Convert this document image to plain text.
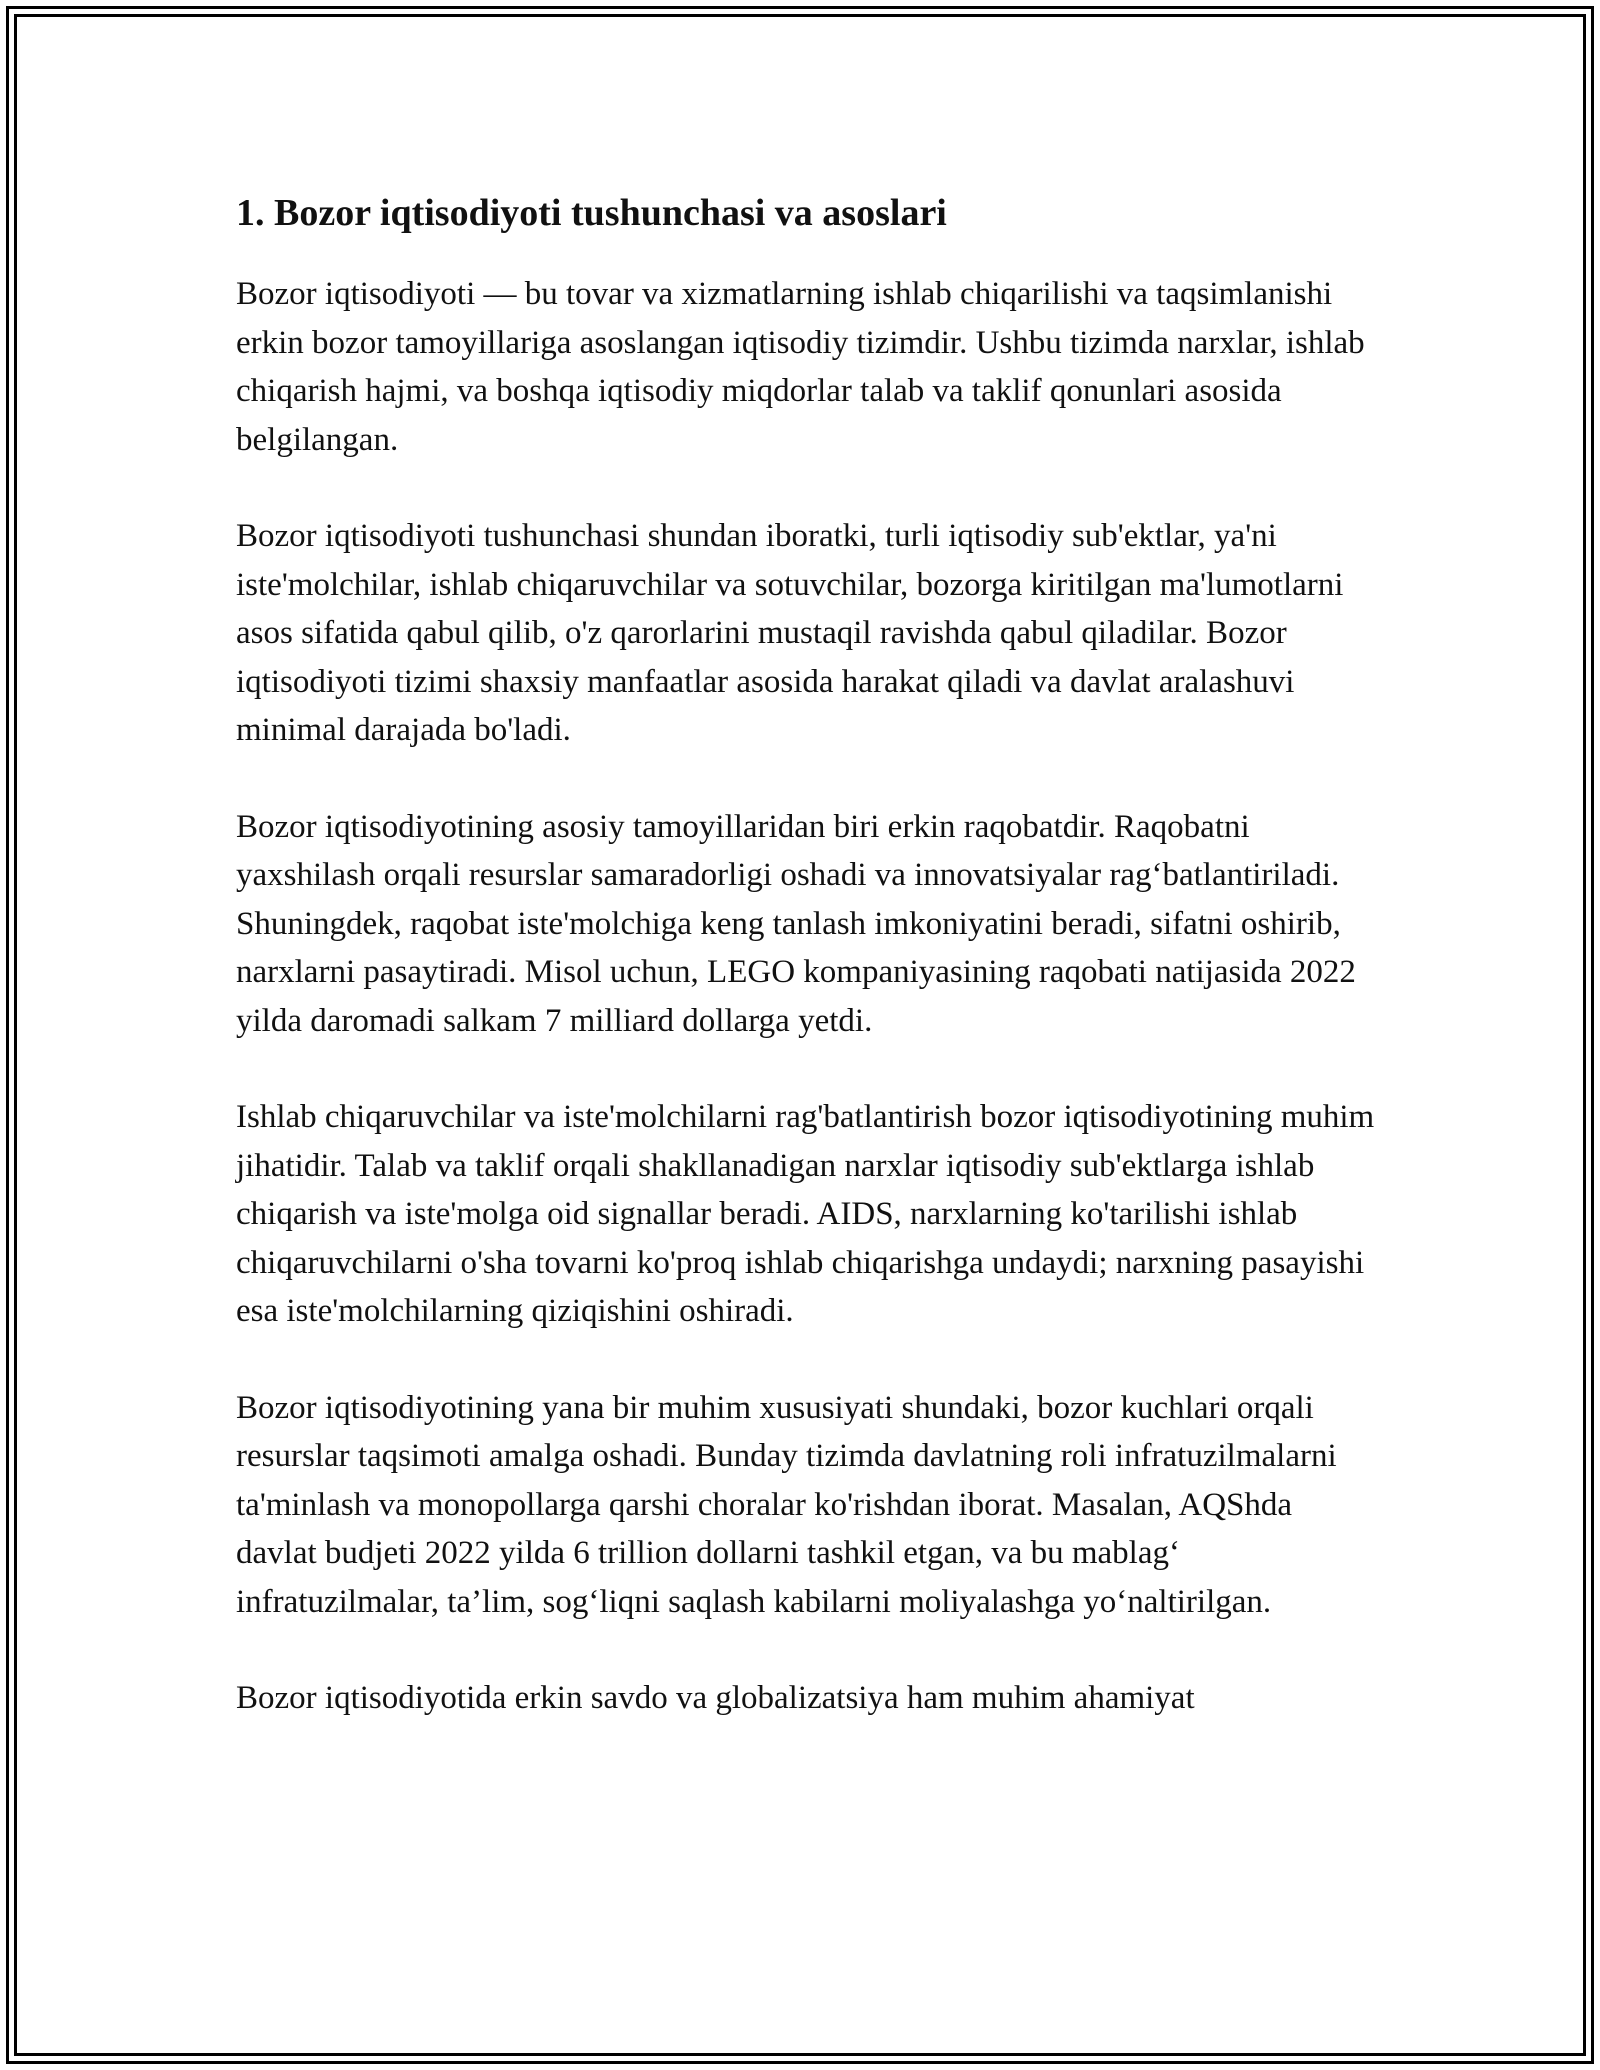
1. Bozor iqtisodiyoti tushunchasi va asoslari

Bozor iqtisodiyoti — bu tovar va xizmatlarning ishlab chiqarilishi va taqsimlanishi erkin bozor tamoyillariga asoslangan iqtisodiy tizimdir. Ushbu tizimda narxlar, ishlab chiqarish hajmi, va boshqa iqtisodiy miqdorlar talab va taklif qonunlari asosida belgilangan.

Bozor iqtisodiyoti tushunchasi shundan iboratki, turli iqtisodiy sub'ektlar, ya'ni iste'molchilar, ishlab chiqaruvchilar va sotuvchilar, bozorga kiritilgan ma'lumotlarni asos sifatida qabul qilib, o'z qarorlarini mustaqil ravishda qabul qiladilar. Bozor iqtisodiyoti tizimi shaxsiy manfaatlar asosida harakat qiladi va davlat aralashuvi minimal darajada bo'ladi.

Bozor iqtisodiyotining asosiy tamoyillaridan biri erkin raqobatdir. Raqobatni yaxshilash orqali resurslar samaradorligi oshadi va innovatsiyalar rag‘batlantiriladi. Shuningdek, raqobat iste'molchiga keng tanlash imkoniyatini beradi, sifatni oshirib, narxlarni pasaytiradi. Misol uchun, LEGO kompaniyasining raqobati natijasida 2022 yilda daromadi salkam 7 milliard dollarga yetdi.

Ishlab chiqaruvchilar va iste'molchilarni rag'batlantirish bozor iqtisodiyotining muhim jihatidir. Talab va taklif orqali shakllanadigan narxlar iqtisodiy sub'ektlarga ishlab chiqarish va iste'molga oid signallar beradi. AIDS, narxlarning ko'tarilishi ishlab chiqaruvchilarni o'sha tovarni ko'proq ishlab chiqarishga undaydi; narxning pasayishi esa iste'molchilarning qiziqishini oshiradi.

Bozor iqtisodiyotining yana bir muhim xususiyati shundaki, bozor kuchlari orqali resurslar taqsimoti amalga oshadi. Bunday tizimda davlatning roli infratuzilmalarni ta'minlash va monopollarga qarshi choralar ko'rishdan iborat. Masalan, AQShda davlat budjeti 2022 yilda 6 trillion dollarni tashkil etgan, va bu mablag‘ infratuzilmalar, ta’lim, sog‘liqni saqlash kabilarni moliyalashga yo‘naltirilgan.

Bozor iqtisodiyotida erkin savdo va globalizatsiya ham muhim ahamiyat
